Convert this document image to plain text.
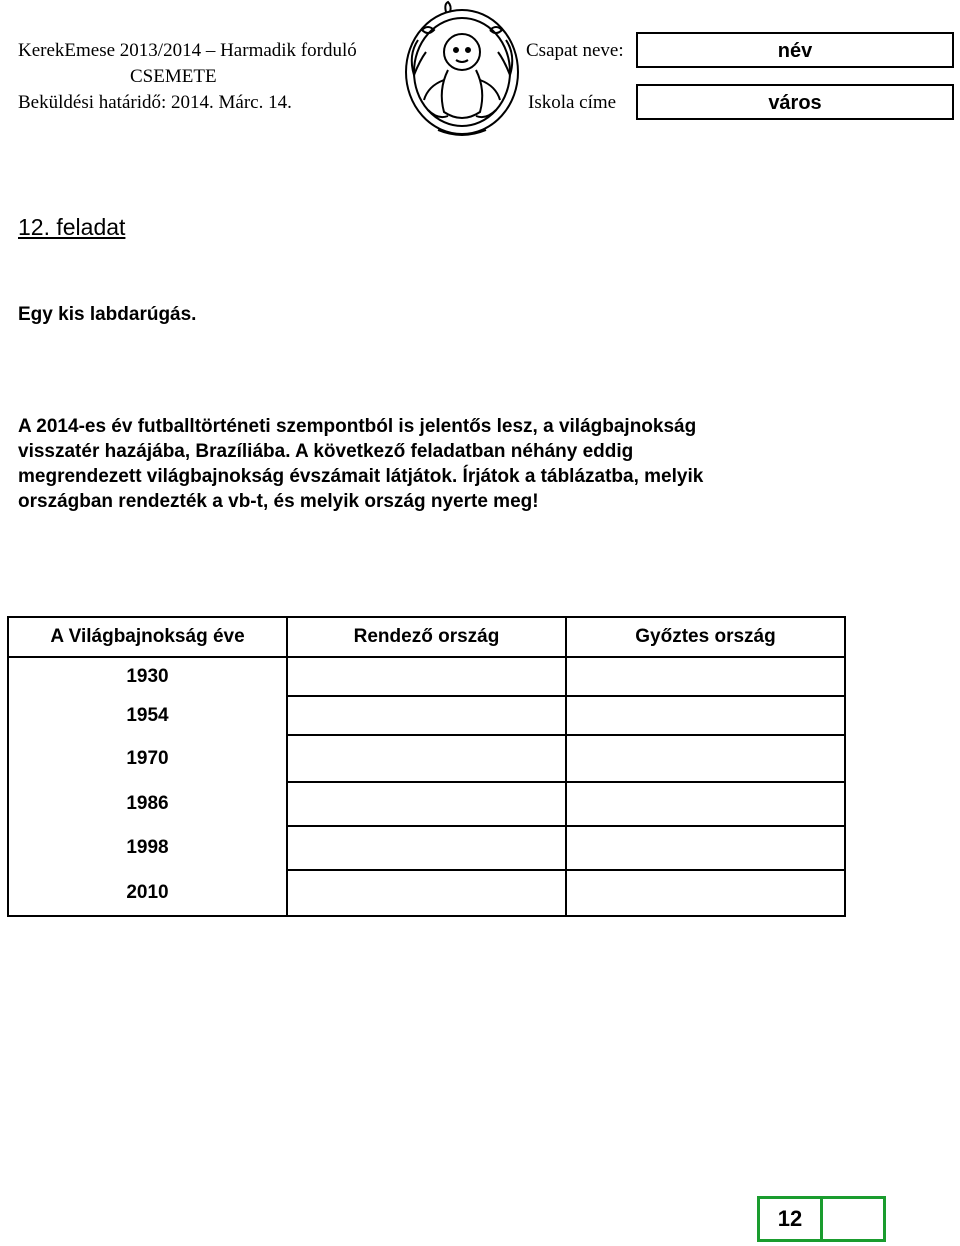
KerekEmese 2013/2014 – Harmadik forduló
CSEMETE
Beküldési határidő: 2014. Márc. 14.
Csapat neve:
Iskola címe
név
város
12. feladat
Egy kis labdarúgás.
A 2014-es év futballtörténeti szempontból is jelentős lesz, a világbajnokság
visszatér hazájába, Brazíliába. A következő feladatban néhány eddig
megrendezett világbajnokság évszámait látjátok. Írjátok a táblázatba, melyik
országban rendezték a vb-t, és melyik ország nyerte meg!
A Világbajnokság éve	Rendező ország	Győztes ország
1930		
1954		
1970		
1986		
1998		
2010		
12	
